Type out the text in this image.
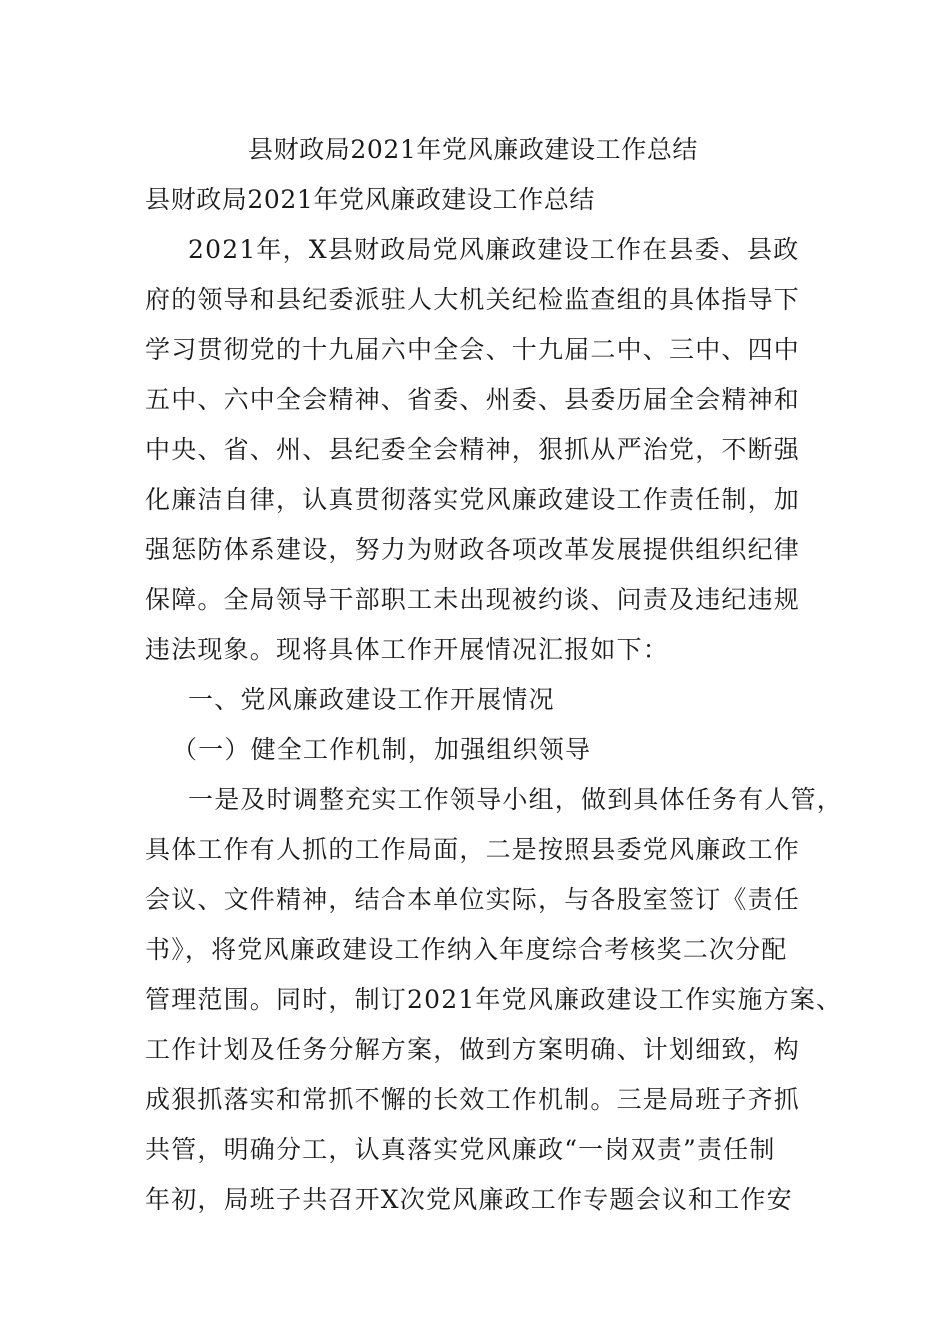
县财政局2021年党风廉政建设工作总结
县财政局2021年党风廉政建设工作总结
2021年，X县财政局党风廉政建设工作在县委、县政
府的领导和县纪委派驻人大机关纪检监查组的具体指导下
学习贯彻党的十九届六中全会、十九届二中、三中、四中
五中、六中全会精神、省委、州委、县委历届全会精神和
中央、省、州、县纪委全会精神，狠抓从严治党，不断强
化廉洁自律，认真贯彻落实党风廉政建设工作责任制，加
强惩防体系建设，努力为财政各项改革发展提供组织纪律
保障。全局领导干部职工未出现被约谈、问责及违纪违规
违法现象。现将具体工作开展情况汇报如下：
一、党风廉政建设工作开展情况
（一）健全工作机制，加强组织领导
一是及时调整充实工作领导小组，做到具体任务有人管，
具体工作有人抓的工作局面，二是按照县委党风廉政工作
会议、文件精神，结合本单位实际，与各股室签订《责任
书》，将党风廉政建设工作纳入年度综合考核奖二次分配
管理范围。同时，制订2021年党风廉政建设工作实施方案、
工作计划及任务分解方案，做到方案明确、计划细致，构
成狠抓落实和常抓不懈的长效工作机制。三是局班子齐抓
共管，明确分工，认真落实党风廉政“一岗双责”责任制
年初，局班子共召开X次党风廉政工作专题会议和工作安
